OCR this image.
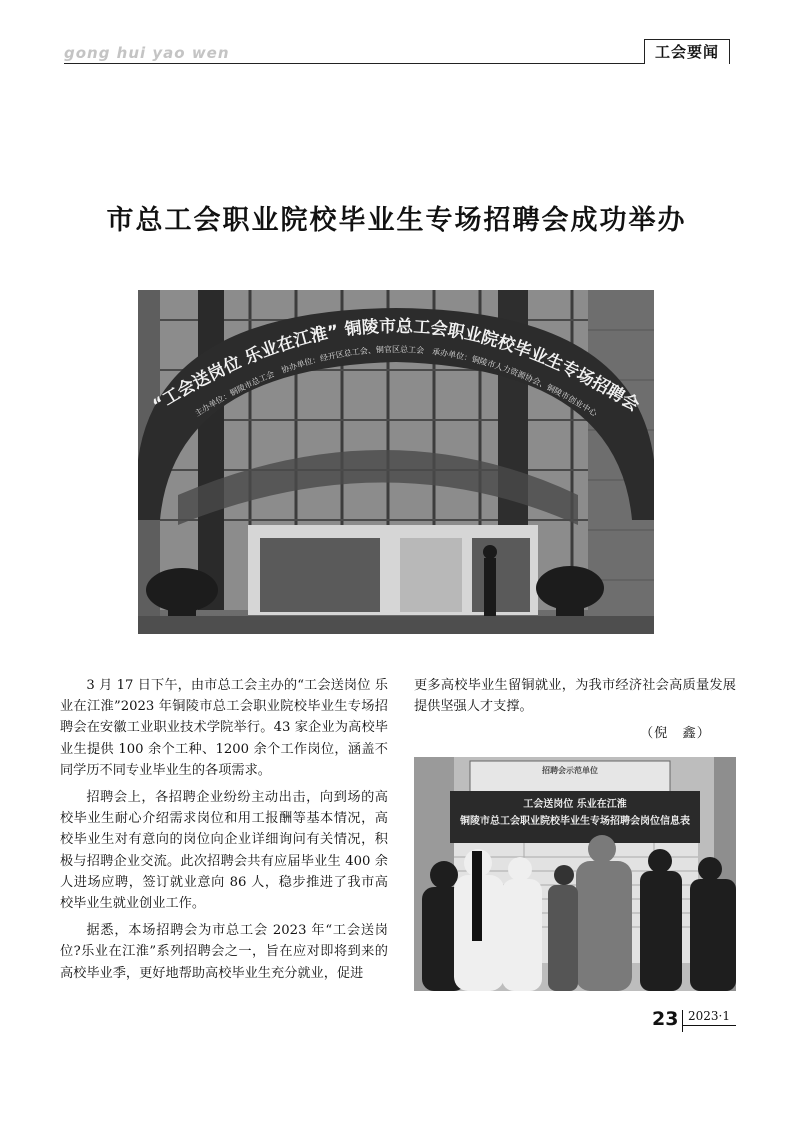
gong hui yao wen	工会要闻
市总工会职业院校毕业生专场招聘会成功举办
“工会送岗位 乐业在江淮” 铜陵市总工会职业院校毕业生专场招聘会
主办单位：铜陵市总工会　协办单位：经开区总工会、铜官区总工会　承办单位：铜陵市人力资源协会、铜陵市创业中心

3 月 17 日下午，由市总工会主办的“工会送岗位 乐业在江淮”2023 年铜陵市总工会职业院校毕业生专场招聘会在安徽工业职业技术学院举行。43 家企业为高校毕业生提供 100 余个工种、1200 余个工作岗位，涵盖不同学历不同专业毕业生的各项需求。

招聘会上，各招聘企业纷纷主动出击，向到场的高校毕业生耐心介绍需求岗位和用工报酬等基本情况，高校毕业生对有意向的岗位向企业详细询问有关情况，积极与招聘企业交流。此次招聘会共有应届毕业生 400 余人进场应聘，签订就业意向 86 人，稳步推进了我市高校毕业生就业创业工作。

据悉，本场招聘会为市总工会 2023 年“工会送岗位?乐业在江淮”系列招聘会之一，旨在应对即将到来的高校毕业季，更好地帮助高校毕业生充分就业，促进

更多高校毕业生留铜就业，为我市经济社会高质量发展提供坚强人才支撑。

（倪　鑫）
招聘会示范单位
工会送岗位 乐业在江淮
铜陵市总工会职业院校毕业生专场招聘会岗位信息表
23 2023·1
